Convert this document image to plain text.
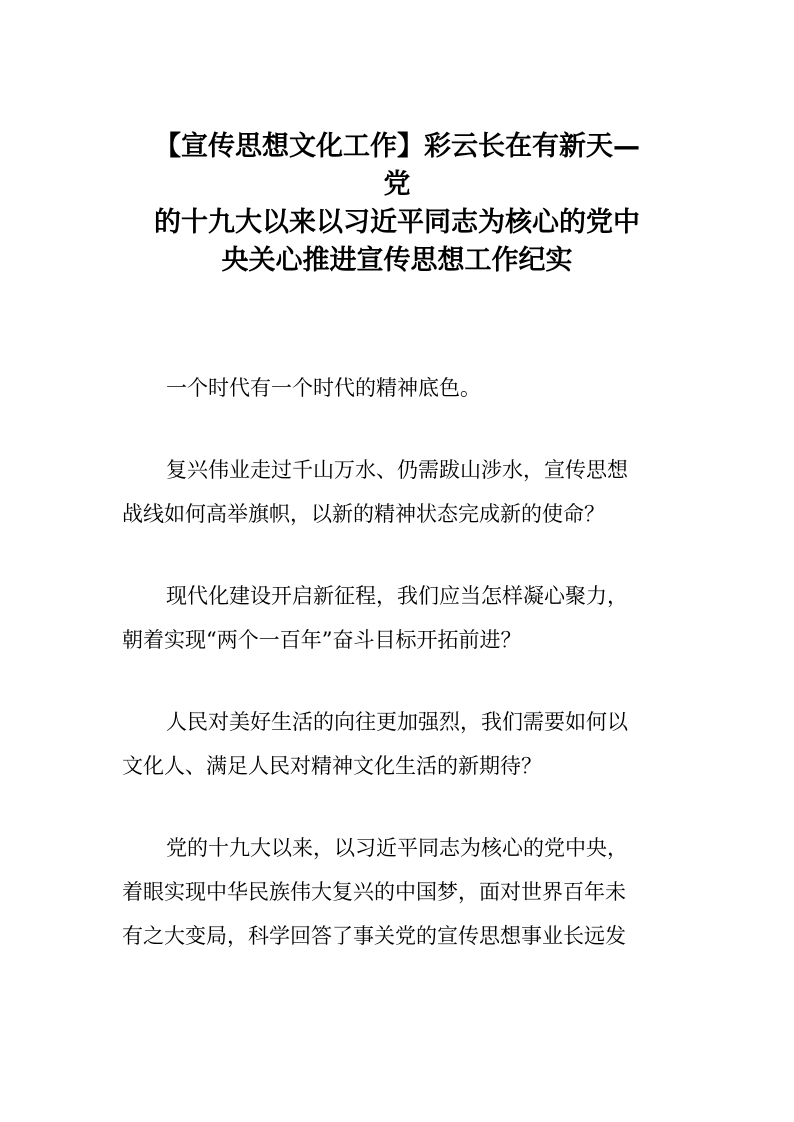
【宣传思想文化工作】彩云长在有新天—
党
的十九大以来以习近平同志为核心的党中
央关心推进宣传思想工作纪实
一个时代有一个时代的精神底色。
复兴伟业走过千山万水、仍需跋山涉水，宣传思想
战线如何高举旗帜，以新的精神状态完成新的使命？
现代化建设开启新征程，我们应当怎样凝心聚力，
朝着实现“两个一百年”奋斗目标开拓前进？
人民对美好生活的向往更加强烈，我们需要如何以
文化人、满足人民对精神文化生活的新期待？
党的十九大以来，以习近平同志为核心的党中央，
着眼实现中华民族伟大复兴的中国梦，面对世界百年未
有之大变局，科学回答了事关党的宣传思想事业长远发
